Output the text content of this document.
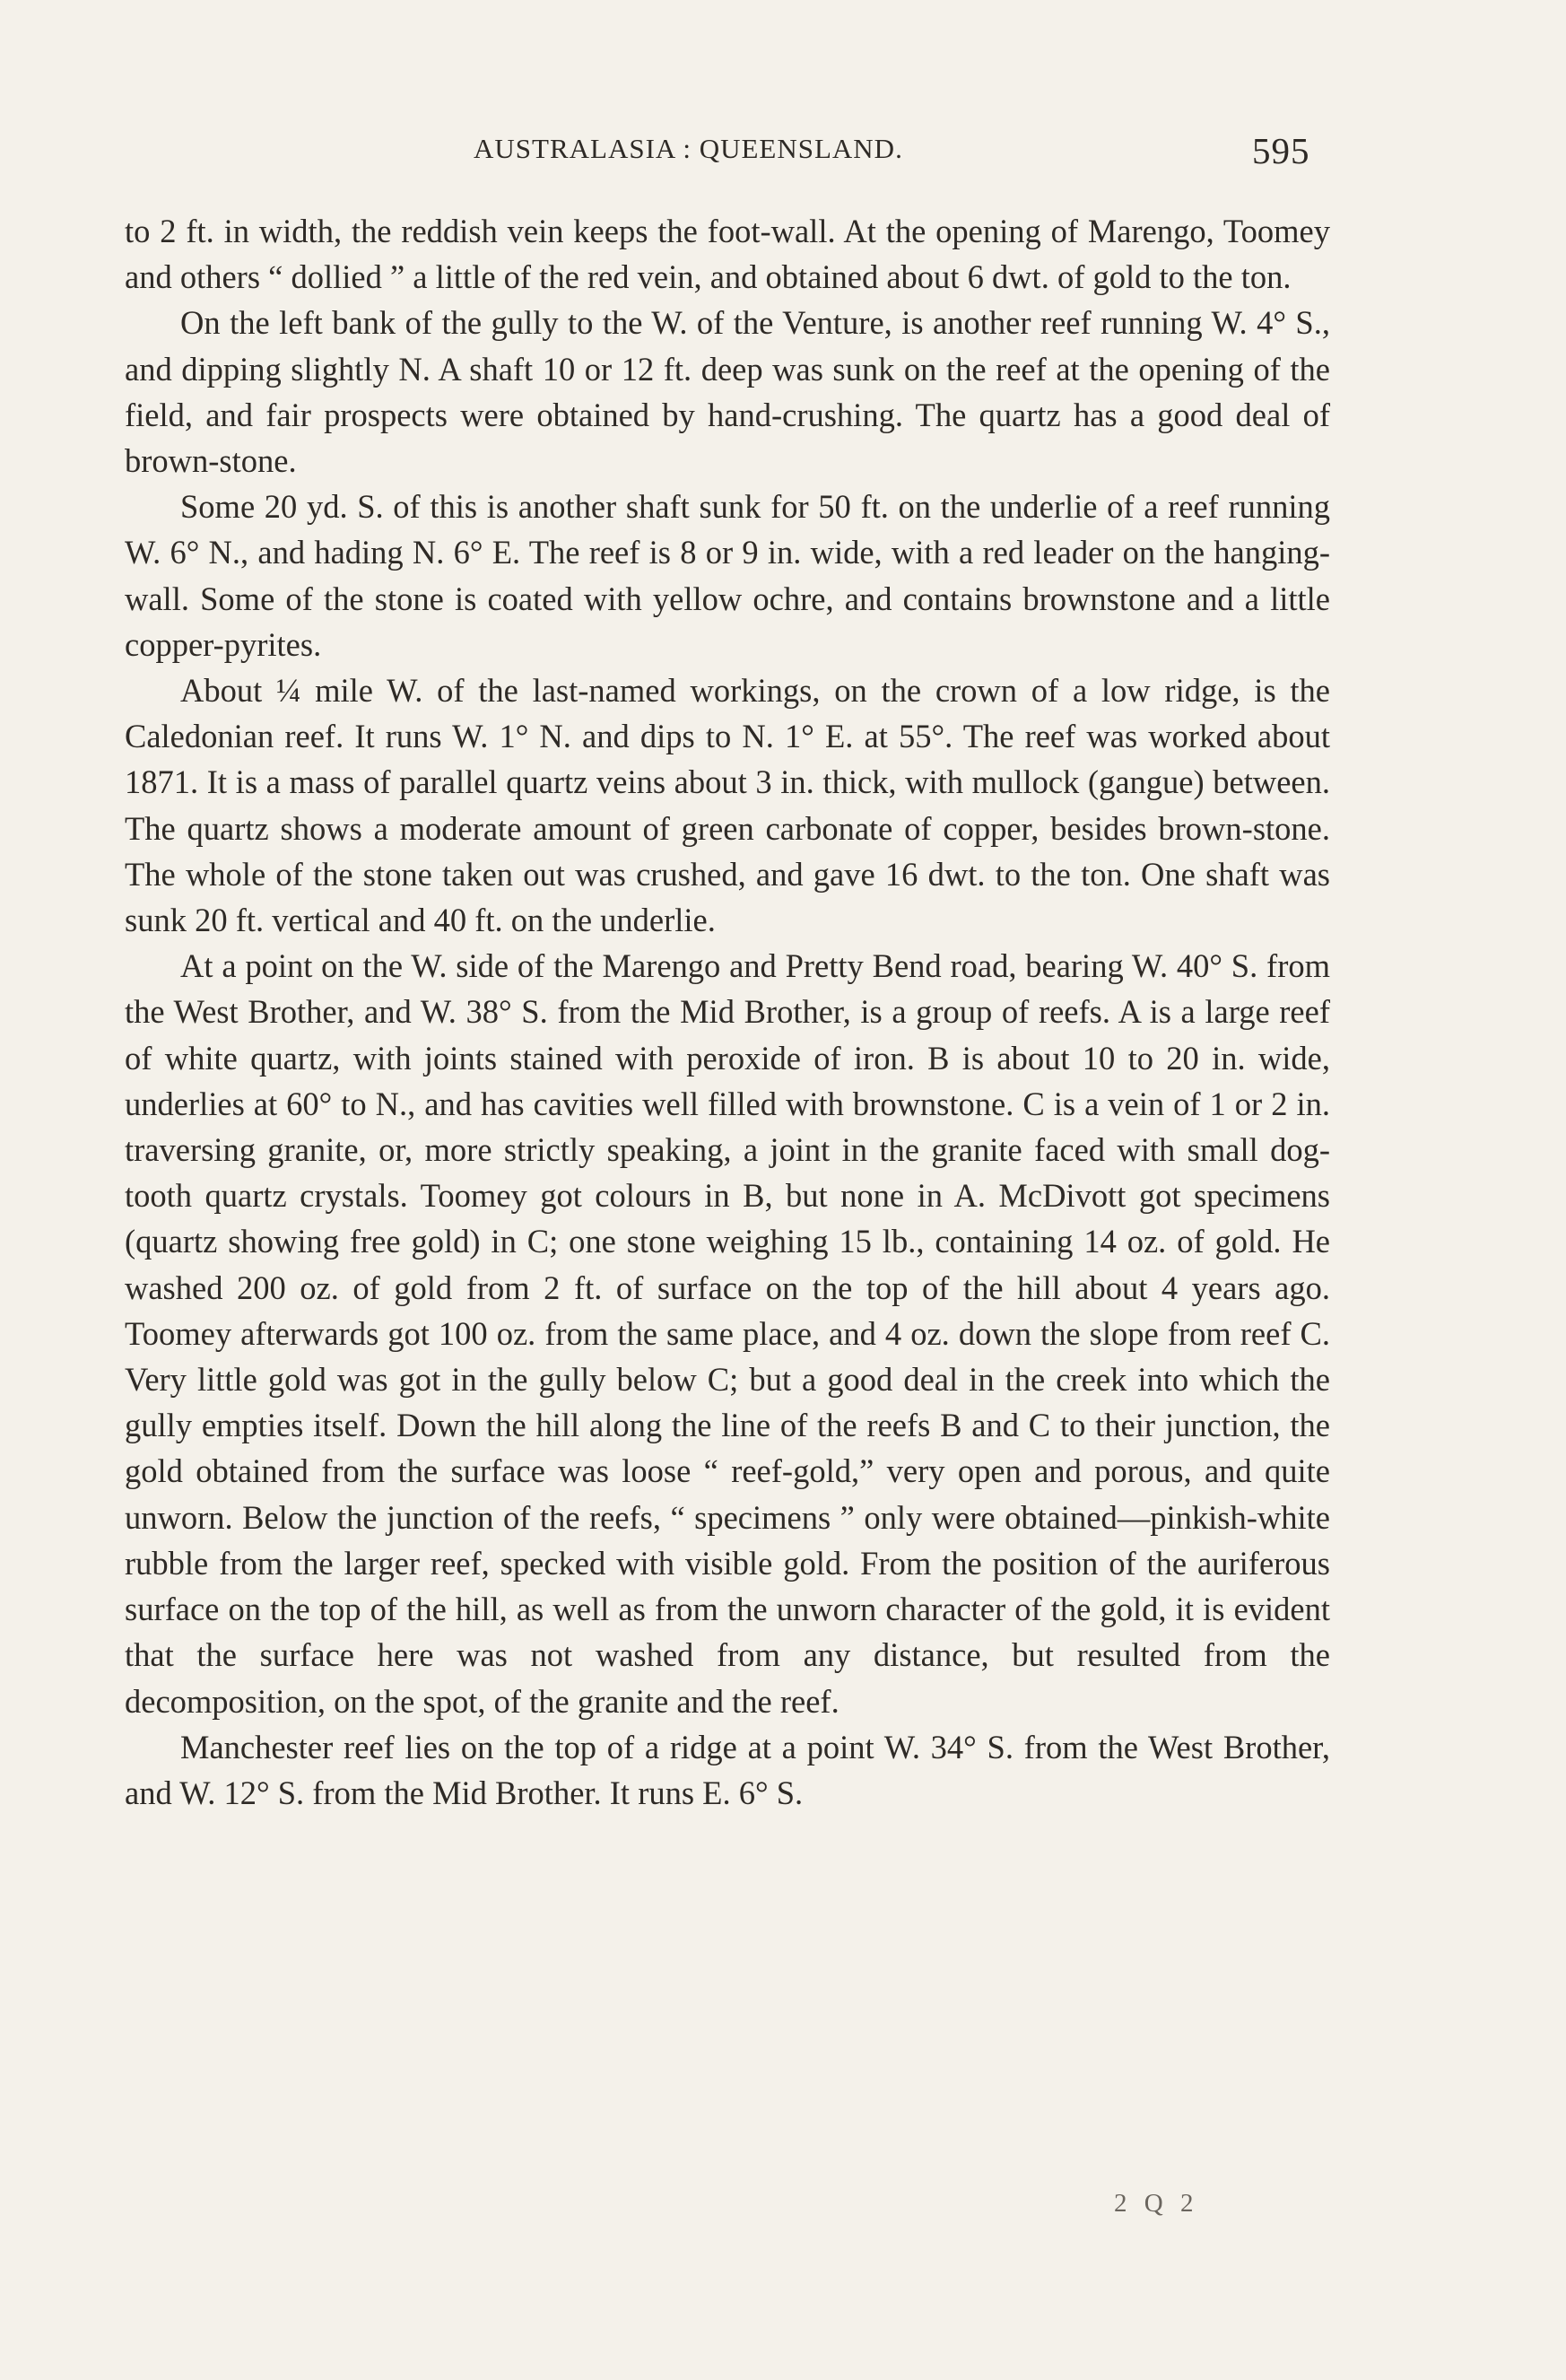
AUSTRALASIA : QUEENSLAND.	595

to 2 ft. in width, the reddish vein keeps the foot-wall. At the opening of Marengo, Toomey and others “ dollied ” a little of the red vein, and obtained about 6 dwt. of gold to the ton.

On the left bank of the gully to the W. of the Venture, is another reef running W. 4° S., and dipping slightly N. A shaft 10 or 12 ft. deep was sunk on the reef at the opening of the field, and fair prospects were obtained by hand-crushing. The quartz has a good deal of brown-stone.

Some 20 yd. S. of this is another shaft sunk for 50 ft. on the underlie of a reef running W. 6° N., and hading N. 6° E. The reef is 8 or 9 in. wide, with a red leader on the hanging-wall. Some of the stone is coated with yellow ochre, and contains brownstone and a little copper-pyrites.

About ¼ mile W. of the last-named workings, on the crown of a low ridge, is the Caledonian reef. It runs W. 1° N. and dips to N. 1° E. at 55°. The reef was worked about 1871. It is a mass of parallel quartz veins about 3 in. thick, with mullock (gangue) between. The quartz shows a moderate amount of green carbonate of copper, besides brown-stone. The whole of the stone taken out was crushed, and gave 16 dwt. to the ton. One shaft was sunk 20 ft. vertical and 40 ft. on the underlie.

At a point on the W. side of the Marengo and Pretty Bend road, bearing W. 40° S. from the West Brother, and W. 38° S. from the Mid Brother, is a group of reefs. A is a large reef of white quartz, with joints stained with peroxide of iron. B is about 10 to 20 in. wide, underlies at 60° to N., and has cavities well filled with brownstone. C is a vein of 1 or 2 in. traversing granite, or, more strictly speaking, a joint in the granite faced with small dog-tooth quartz crystals. Toomey got colours in B, but none in A. McDivott got specimens (quartz showing free gold) in C; one stone weighing 15 lb., containing 14 oz. of gold. He washed 200 oz. of gold from 2 ft. of surface on the top of the hill about 4 years ago. Toomey afterwards got 100 oz. from the same place, and 4 oz. down the slope from reef C. Very little gold was got in the gully below C; but a good deal in the creek into which the gully empties itself. Down the hill along the line of the reefs B and C to their junction, the gold obtained from the surface was loose “ reef-gold,” very open and porous, and quite unworn. Below the junction of the reefs, “ specimens ” only were obtained—pinkish-white rubble from the larger reef, specked with visible gold. From the position of the auriferous surface on the top of the hill, as well as from the unworn character of the gold, it is evident that the surface here was not washed from any distance, but resulted from the decomposition, on the spot, of the granite and the reef.

Manchester reef lies on the top of a ridge at a point W. 34° S. from the West Brother, and W. 12° S. from the Mid Brother. It runs E. 6° S.

2 Q 2
